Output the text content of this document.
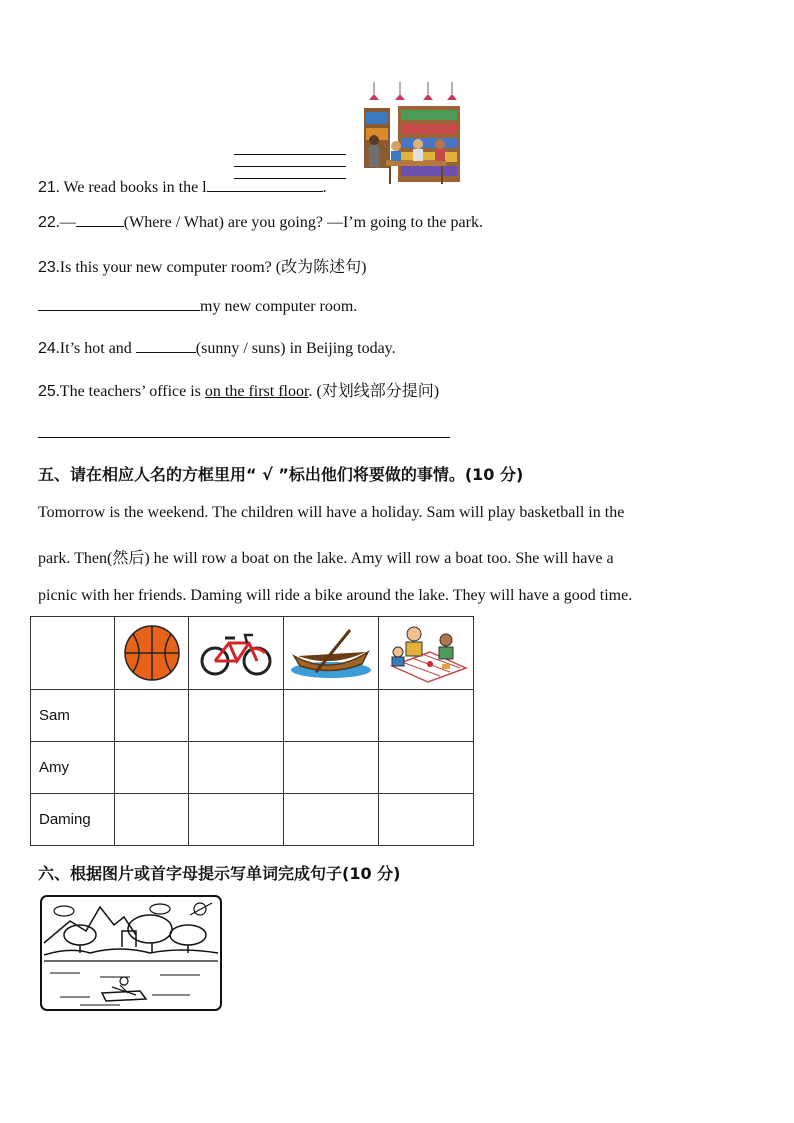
21. We read books in the l	.
22.—	(Where / What) are you going? —I’m going to the park.
23.Is this your new computer room? (改为陈述句)
my new computer room.
24.It’s hot and	(sunny / suns) in Beijing today.
25.The teachers’ office is on the first floor. (对划线部分提问)
五、请在相应人名的方框里用“ √ ”标出他们将要做的事情。(10 分)
Tomorrow is the weekend. The children will have a holiday. Sam will play basketball in the
park. Then(然后) he will row a boat on the lake. Amy will row a boat too. She will have a
picnic with her friends. Daming will ride a bike around the lake. They will have a good time.

Sam				
Amy				
Daming				
六、根据图片或首字母提示写单词完成句子(10 分)
